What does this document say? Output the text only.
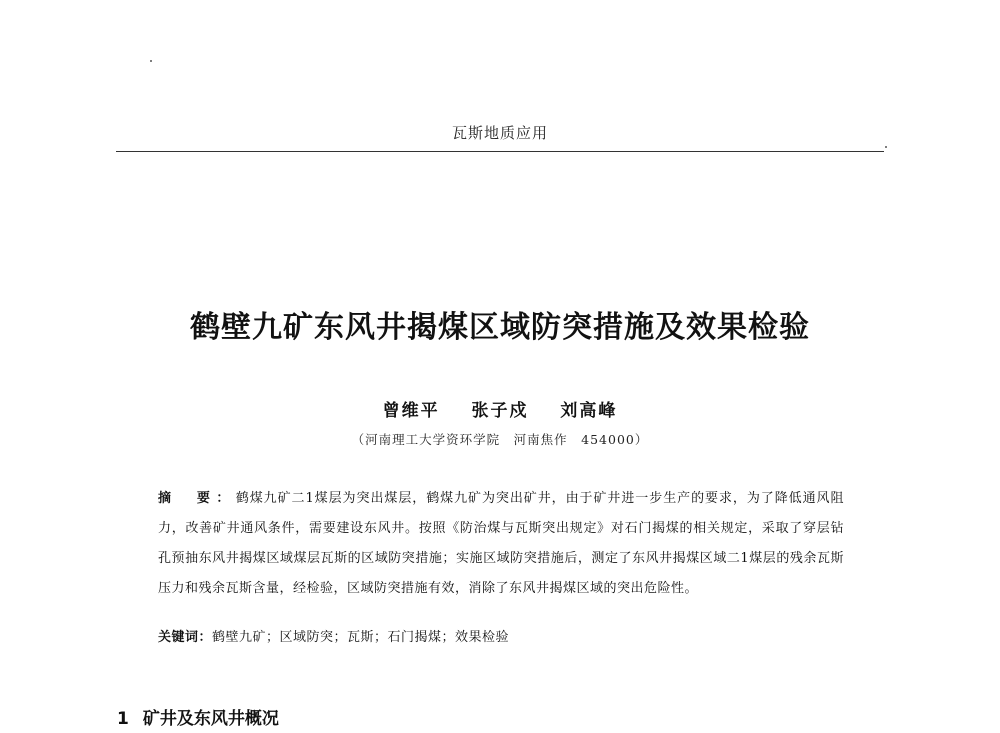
瓦斯地质应用
鹤壁九矿东风井揭煤区域防突措施及效果检验
曾维平 张子戍 刘高峰
（河南理工大学资环学院　河南焦作　454000）
摘　要：鹤煤九矿二1煤层为突出煤层，鹤煤九矿为突出矿井，由于矿井进一步生产的要求，为了降低通风阻力，改善矿井通风条件，需要建设东风井。按照《防治煤与瓦斯突出规定》对石门揭煤的相关规定，采取了穿层钻孔预抽东风井揭煤区域煤层瓦斯的区域防突措施；实施区域防突措施后，测定了东风井揭煤区域二1煤层的残余瓦斯压力和残余瓦斯含量，经检验，区域防突措施有效，消除了东风井揭煤区域的突出危险性。
关键词：鹤壁九矿；区域防突；瓦斯；石门揭煤；效果检验
1 矿井及东风井概况
